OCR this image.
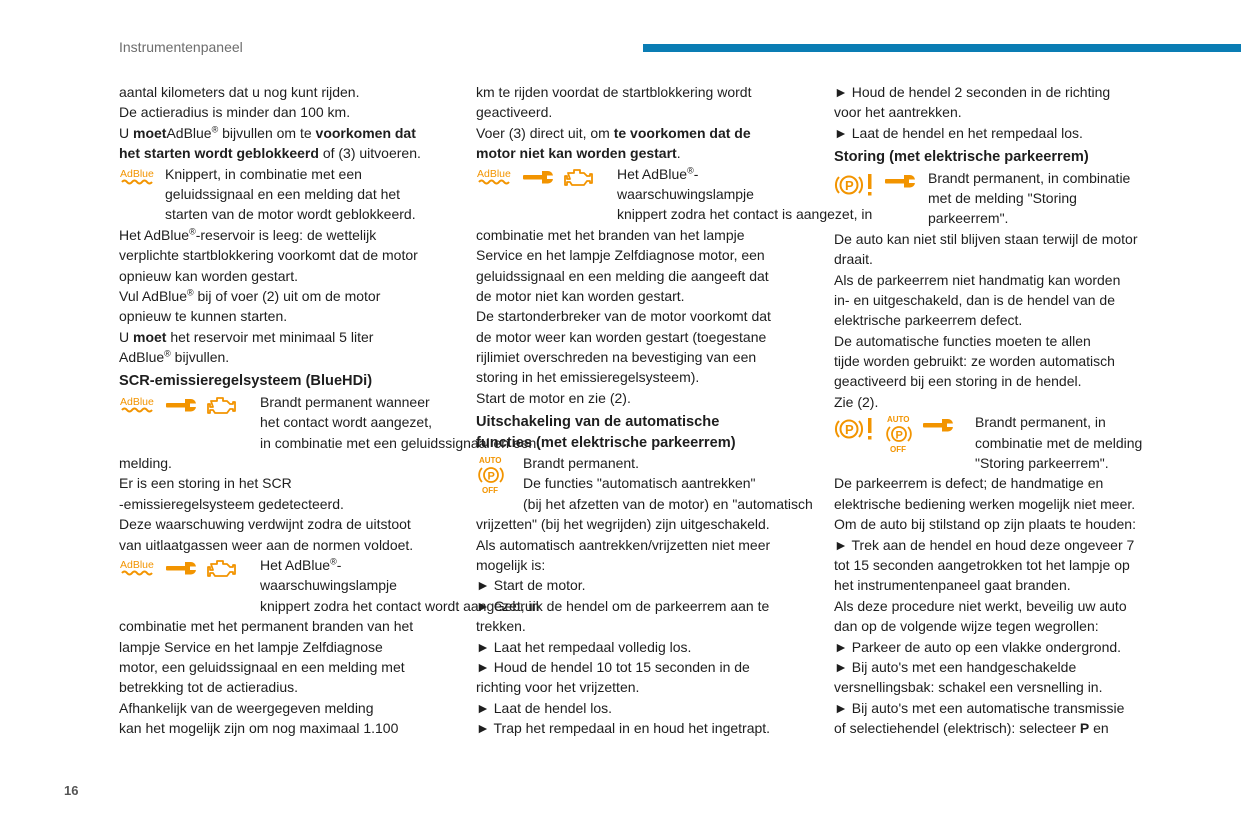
Instrumentenpaneel
aantal kilometers dat u nog kunt rijden.
De actieradius is minder dan 100 km.
U moetAdBlue® bijvullen om te voorkomen dat
het starten wordt geblokkeerd of (3) uitvoeren.
AdBlue Knippert, in combinatie met een
geluidssignaal en een melding dat het
starten van de motor wordt geblokkeerd.
Het AdBlue®-reservoir is leeg: de wettelijk
verplichte startblokkering voorkomt dat de motor
opnieuw kan worden gestart.
Vul AdBlue® bij of voer (2) uit om de motor
opnieuw te kunnen starten.
U moet het reservoir met minimaal 5 liter
AdBlue® bijvullen.
SCR-emissieregelsysteem (BlueHDi)
AdBlue	Brandt permanent wanneer
het contact wordt aangezet,
in combinatie met een geluidssignaal en een
melding.
Er is een storing in het SCR
-emissieregelsysteem gedetecteerd.
Deze waarschuwing verdwijnt zodra de uitstoot
van uitlaatgassen weer aan de normen voldoet.
AdBlue	Het AdBlue®-
waarschuwingslampje
knippert zodra het contact wordt aangezet, in
combinatie met het permanent branden van het
lampje Service en het lampje Zelfdiagnose
motor, een geluidssignaal en een melding met
betrekking tot de actieradius.
Afhankelijk van de weergegeven melding
kan het mogelijk zijn om nog maximaal 1.100
km te rijden voordat de startblokkering wordt
geactiveerd.
Voer (3) direct uit, om te voorkomen dat de
motor niet kan worden gestart.
AdBlue	Het AdBlue®-
waarschuwingslampje
knippert zodra het contact is aangezet, in
combinatie met het branden van het lampje
Service en het lampje Zelfdiagnose motor, een
geluidssignaal en een melding die aangeeft dat
de motor niet kan worden gestart.
De startonderbreker van de motor voorkomt dat
de motor weer kan worden gestart (toegestane
rijlimiet overschreden na bevestiging van een
storing in het emissieregelsysteem).
Start de motor en zie (2).
Uitschakeling van de automatische
functies (met elektrische parkeerrem)
AUTO
P
OFF
Brandt permanent.
De functies "automatisch aantrekken"
(bij het afzetten van de motor) en "automatisch
vrijzetten" (bij het wegrijden) zijn uitgeschakeld.
Als automatisch aantrekken/vrijzetten niet meer
mogelijk is:
► Start de motor.
► Gebruik de hendel om de parkeerrem aan te
trekken.
► Laat het rempedaal volledig los.
► Houd de hendel 10 tot 15 seconden in de
richting voor het vrijzetten.
► Laat de hendel los.
► Trap het rempedaal in en houd het ingetrapt.
► Houd de hendel 2 seconden in de richting
voor het aantrekken.
► Laat de hendel en het rempedaal los.
Storing (met elektrische parkeerrem)
P	Brandt permanent, in combinatie
met de melding "Storing
parkeerrem".
De auto kan niet stil blijven staan terwijl de motor
draait.
Als de parkeerrem niet handmatig kan worden
in- en uitgeschakeld, dan is de hendel van de
elektrische parkeerrem defect.
De automatische functies moeten te allen
tijde worden gebruikt: ze worden automatisch
geactiveerd bij een storing in de hendel.
Zie (2).
P
AUTO
P
OFF
Brandt permanent, in
combinatie met de melding
"Storing parkeerrem".
De parkeerrem is defect; de handmatige en
elektrische bediening werken mogelijk niet meer.
Om de auto bij stilstand op zijn plaats te houden:
► Trek aan de hendel en houd deze ongeveer 7
tot 15 seconden aangetrokken tot het lampje op
het instrumentenpaneel gaat branden.
Als deze procedure niet werkt, beveilig uw auto
dan op de volgende wijze tegen wegrollen:
► Parkeer de auto op een vlakke ondergrond.
► Bij auto's met een handgeschakelde
versnellingsbak: schakel een versnelling in.
► Bij auto's met een automatische transmissie
of selectiehendel (elektrisch): selecteer P en
16
